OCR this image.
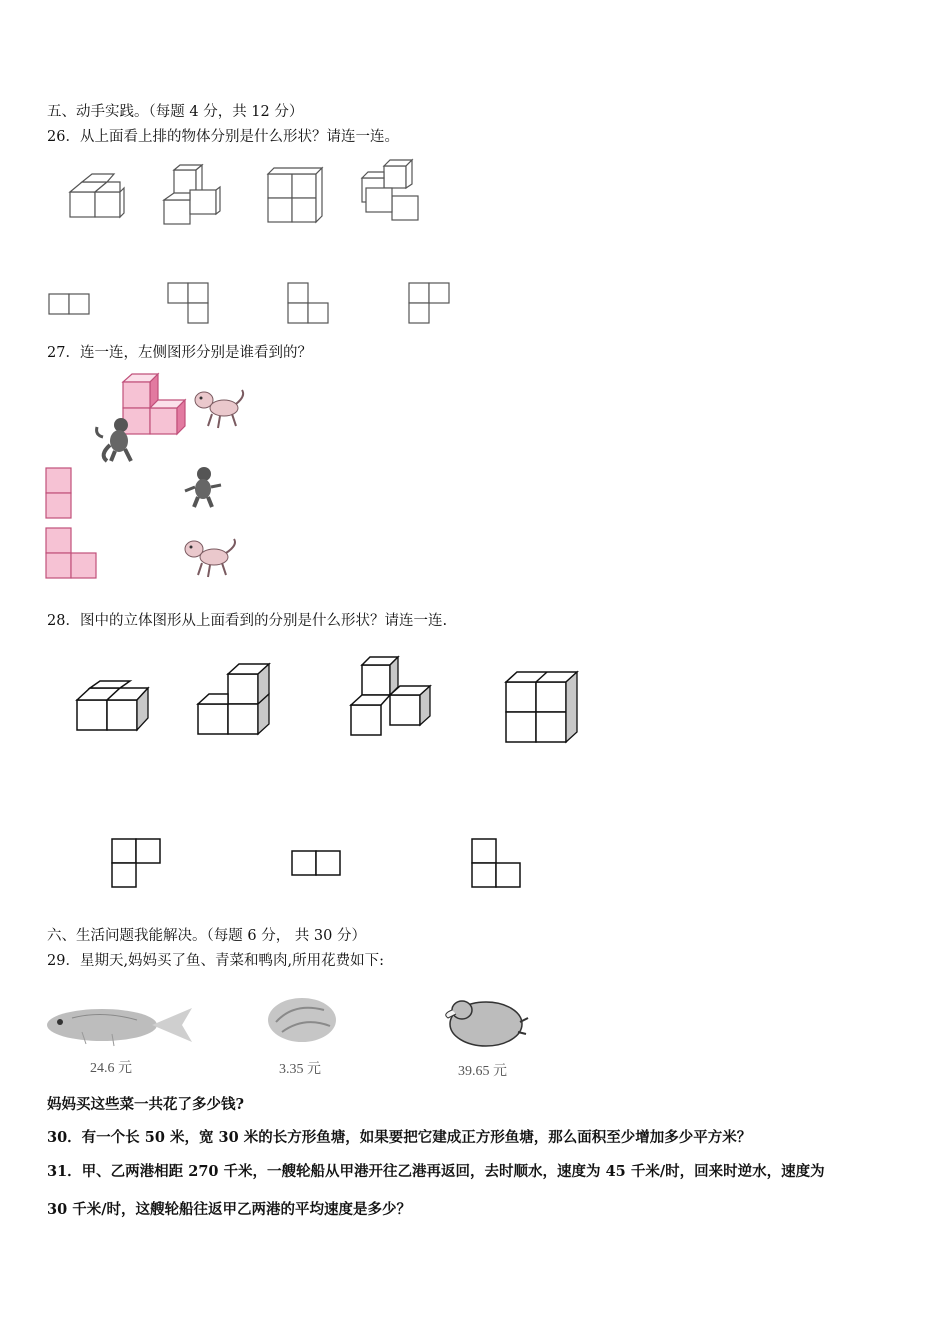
五、动手实践。（每题 4 分，共 12 分）
26．从上面看上排的物体分别是什么形状？请连一连。
27．连一连，左侧图形分别是谁看到的？
28．图中的立体图形从上面看到的分别是什么形状？请连一连.
六、生活问题我能解决。（每题 6 分， 共 30 分）
29．星期天,妈妈买了鱼、青菜和鸭肉,所用花费如下:
24.6 元	3.35 元	39.65 元
妈妈买这些菜一共花了多少钱?
30．有一个长 50 米，宽 30 米的长方形鱼塘，如果要把它建成正方形鱼塘，那么面积至少增加多少平方米？
31．甲、乙两港相距 270 千米，一艘轮船从甲港开往乙港再返回，去时顺水，速度为 45 千米/时，回来时逆水，速度为
30 千米/时，这艘轮船往返甲乙两港的平均速度是多少？
